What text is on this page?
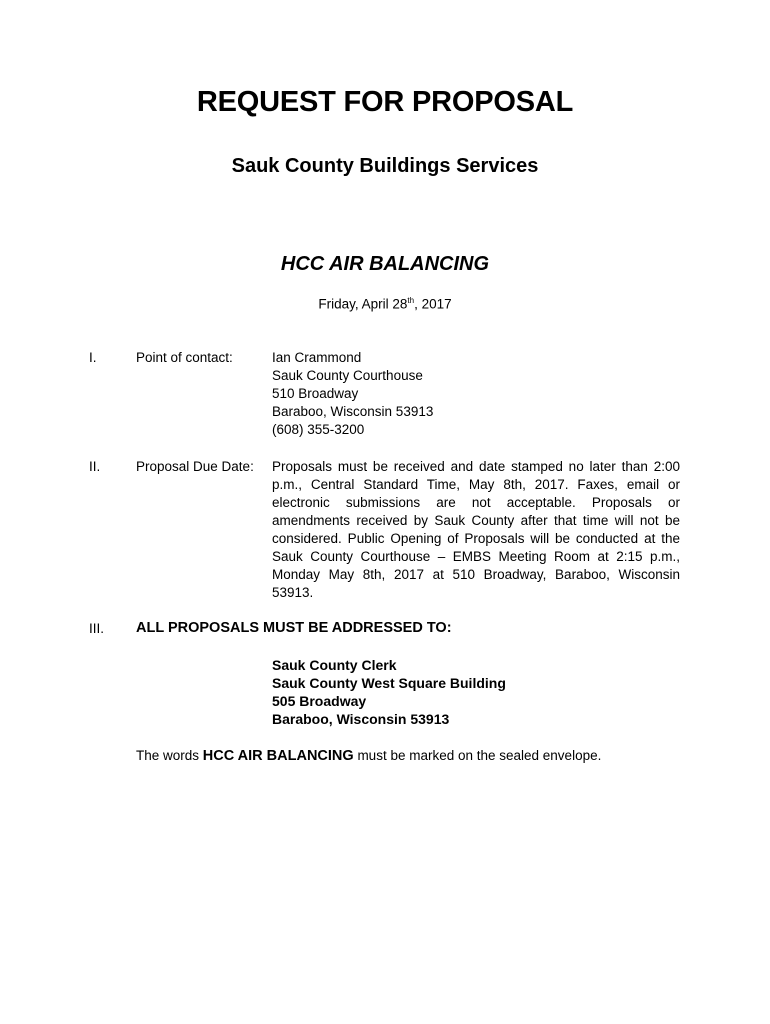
REQUEST FOR PROPOSAL
Sauk County Buildings Services
HCC AIR BALANCING
Friday, April 28th, 2017
I.	Point of contact:	Ian Crammond
Sauk County Courthouse
510 Broadway
Baraboo, Wisconsin 53913
(608) 355-3200
II.	Proposal Due Date: Proposals must be received and date stamped no later than 2:00 p.m., Central Standard Time, May 8th, 2017. Faxes, email or electronic submissions are not acceptable. Proposals or amendments received by Sauk County after that time will not be considered. Public Opening of Proposals will be conducted at the Sauk County Courthouse – EMBS Meeting Room at 2:15 p.m., Monday May 8th, 2017 at 510 Broadway, Baraboo, Wisconsin 53913.
III. ALL PROPOSALS MUST BE ADDRESSED TO:
Sauk County Clerk
Sauk County West Square Building
505 Broadway
Baraboo, Wisconsin 53913
The words HCC AIR BALANCING must be marked on the sealed envelope.
